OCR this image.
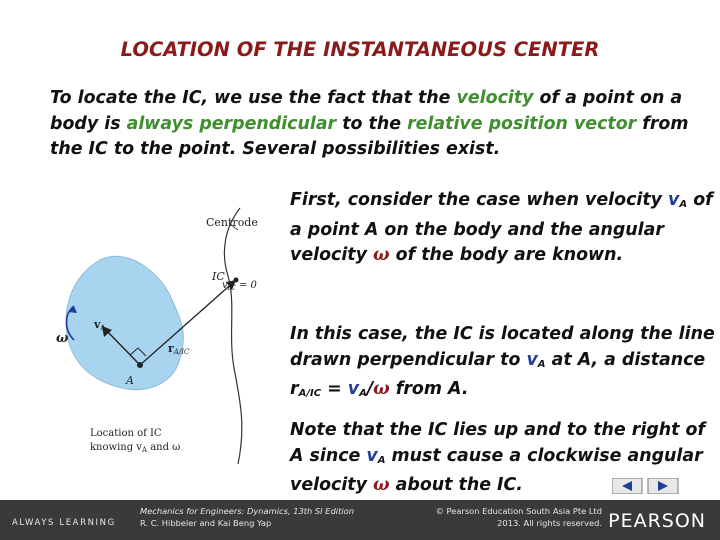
LOCATION OF THE INSTANTANEOUS CENTER
To locate the IC, we use the fact that the velocity of a point on a body is always perpendicular to the relative position vector from the IC to the point. Several possibilities exist.
First, consider the case when velocity $v_A$ of a point A on the body and the angular velocity ω of the body are known.
In this case, the IC is located along the line drawn perpendicular to $v_A$ at A, a distance $r_{A/IC} = v_A/\omega$ from A.
Note that the IC lies up and to the right of A since $v_A$ must cause a clockwise angular velocity ω about the IC.
Centrode
IC
$v_{IC} = 0$
vA
rA/IC
ω
A
Location of IC
knowing $v_A$ and ω
ALWAYS LEARNING
Mechanics for Engineers: Dynamics, 13th SI Edition
R. C. Hibbeler and Kai Beng Yap
© Pearson Education South Asia Pte Ltd
2013. All rights reserved. PEARSON
